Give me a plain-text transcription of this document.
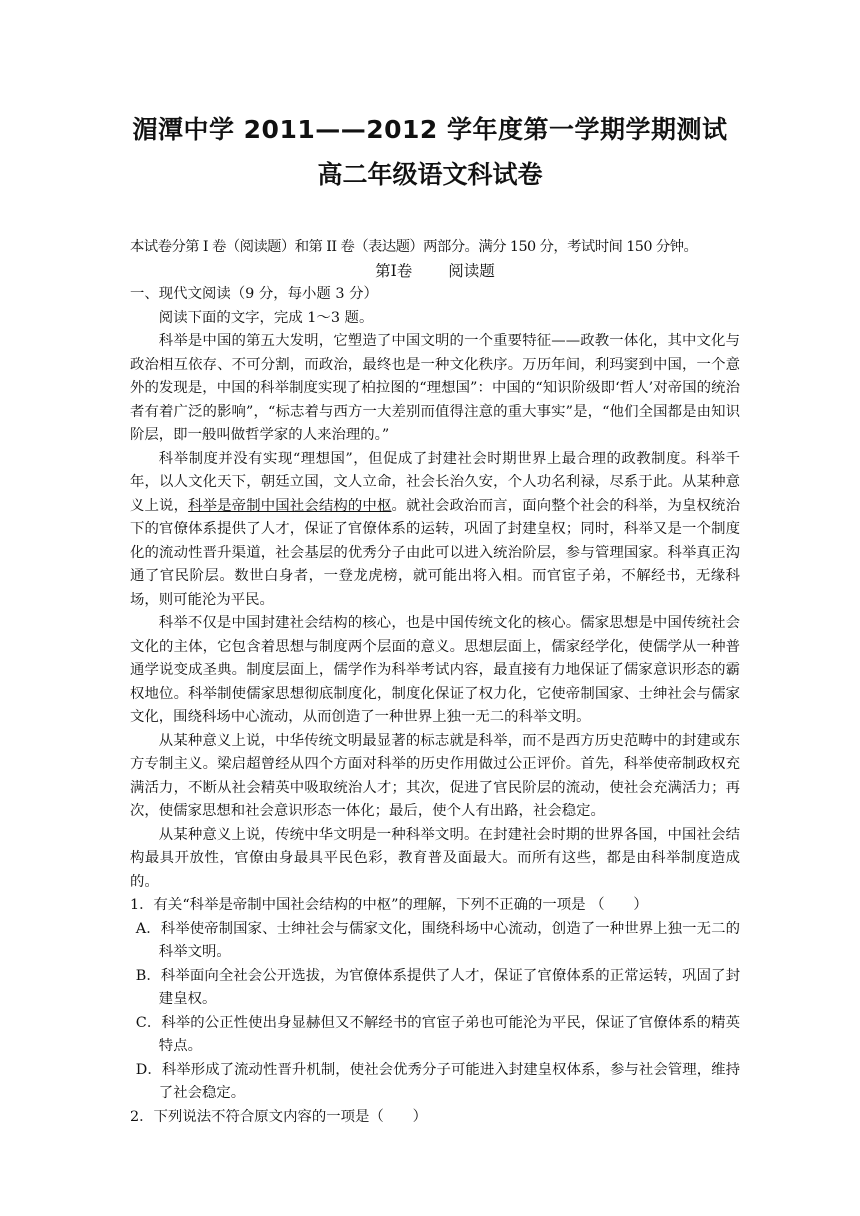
湄潭中学 2011——2012 学年度第一学期学期测试
高二年级语文科试卷

本试卷分第 I 卷（阅读题）和第 II 卷（表达题）两部分。满分 150 分，考试时间 150 分钟。

第Ⅰ卷 阅读题

一、现代文阅读（9 分，每小题 3 分）

阅读下面的文字，完成 1～3 题。

科举是中国的第五大发明，它塑造了中国文明的一个重要特征——政教一体化，其中文化与政治相互依存、不可分割，而政治，最终也是一种文化秩序。万历年间，利玛窦到中国，一个意外的发现是，中国的科举制度实现了柏拉图的“理想国”：中国的“知识阶级即‘哲人’对帝国的统治者有着广泛的影响”，“标志着与西方一大差别而值得注意的重大事实”是，“他们全国都是由知识阶层，即一般叫做哲学家的人来治理的。”

科举制度并没有实现“理想国”，但促成了封建社会时期世界上最合理的政教制度。科举千年，以人文化天下，朝廷立国，文人立命，社会长治久安，个人功名利禄，尽系于此。从某种意义上说，科举是帝制中国社会结构的中枢。就社会政治而言，面向整个社会的科举，为皇权统治下的官僚体系提供了人才，保证了官僚体系的运转，巩固了封建皇权；同时，科举又是一个制度化的流动性晋升渠道，社会基层的优秀分子由此可以进入统治阶层，参与管理国家。科举真正沟通了官民阶层。数世白身者，一登龙虎榜，就可能出将入相。而官宦子弟，不解经书，无缘科场，则可能沦为平民。

科举不仅是中国封建社会结构的核心，也是中国传统文化的核心。儒家思想是中国传统社会文化的主体，它包含着思想与制度两个层面的意义。思想层面上，儒家经学化，使儒学从一种普通学说变成圣典。制度层面上，儒学作为科举考试内容，最直接有力地保证了儒家意识形态的霸权地位。科举制使儒家思想彻底制度化，制度化保证了权力化，它使帝制国家、士绅社会与儒家文化，围绕科场中心流动，从而创造了一种世界上独一无二的科举文明。

从某种意义上说，中华传统文明最显著的标志就是科举，而不是西方历史范畴中的封建或东方专制主义。梁启超曾经从四个方面对科举的历史作用做过公正评价。首先，科举使帝制政权充满活力，不断从社会精英中吸取统治人才；其次，促进了官民阶层的流动，使社会充满活力；再次，使儒家思想和社会意识形态一体化；最后，使个人有出路，社会稳定。

从某种意义上说，传统中华文明是一种科举文明。在封建社会时期的世界各国，中国社会结构最具开放性，官僚由身最具平民色彩，教育普及面最大。而所有这些，都是由科举制度造成的。

1．有关“科举是帝制中国社会结构的中枢”的理解，下列不正确的一项是 （　　）

A．科举使帝制国家、士绅社会与儒家文化，围绕科场中心流动，创造了一种世界上独一无二的科举文明。

B．科举面向全社会公开选拔，为官僚体系提供了人才，保证了官僚体系的正常运转，巩固了封建皇权。

C．科举的公正性使出身显赫但又不解经书的官宦子弟也可能沦为平民，保证了官僚体系的精英特点。

D．科举形成了流动性晋升机制，使社会优秀分子可能进入封建皇权体系，参与社会管理，维持了社会稳定。

2．下列说法不符合原文内容的一项是（　　）
